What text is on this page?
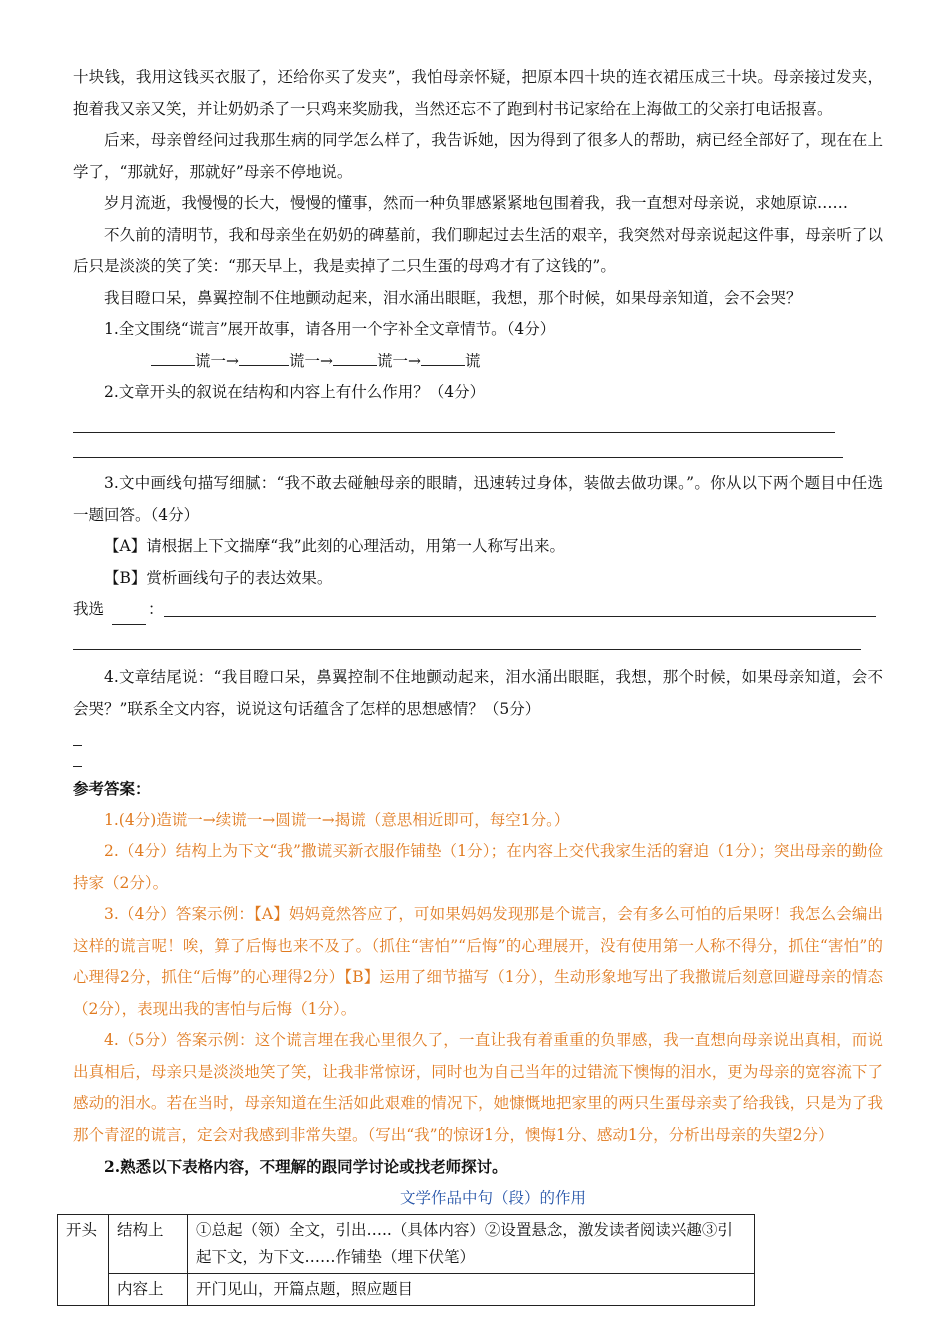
十块钱，我用这钱买衣服了，还给你买了发夹”，我怕母亲怀疑，把原本四十块的连衣裙压成三十块。母亲接过发夹，抱着我又亲又笑，并让奶奶杀了一只鸡来奖励我，当然还忘不了跑到村书记家给在上海做工的父亲打电话报喜。

后来，母亲曾经问过我那生病的同学怎么样了，我告诉她，因为得到了很多人的帮助，病已经全部好了，现在在上学了，“那就好，那就好”母亲不停地说。

岁月流逝，我慢慢的长大，慢慢的懂事，然而一种负罪感紧紧地包围着我，我一直想对母亲说，求她原谅……

不久前的清明节，我和母亲坐在奶奶的碑墓前，我们聊起过去生活的艰辛，我突然对母亲说起这件事，母亲听了以后只是淡淡的笑了笑：“那天早上，我是卖掉了二只生蛋的母鸡才有了这钱的”。

我目瞪口呆，鼻翼控制不住地颤动起来，泪水涌出眼眶，我想，那个时候，如果母亲知道，会不会哭？

1.全文围绕“谎言”展开故事，请各用一个字补全文章情节。（4分）

谎一→	谎一→	谎一→	谎

2.文章开头的叙说在结构和内容上有什么作用？（4分）

3.文中画线句描写细腻：“我不敢去碰触母亲的眼睛，迅速转过身体，装做去做功课。”。你从以下两个题目中任选一题回答。（4分）

【A】请根据上下文揣摩“我”此刻的心理活动，用第一人称写出来。

【B】赏析画线句子的表达效果。

我选	：

4.文章结尾说：“我目瞪口呆，鼻翼控制不住地颤动起来，泪水涌出眼眶，我想，那个时候，如果母亲知道，会不会哭？”联系全文内容，说说这句话蕴含了怎样的思想感情？（5分）

参考答案：

1.(4分)造谎一→续谎一→圆谎一→揭谎（意思相近即可，每空1分。）

2.（4分）结构上为下文“我”撒谎买新衣服作铺垫（1分）；在内容上交代我家生活的窘迫（1分）；突出母亲的勤俭持家（2分）。

3.（4分）答案示例：【A】妈妈竟然答应了，可如果妈妈发现那是个谎言，会有多么可怕的后果呀！我怎么会编出这样的谎言呢！唉，算了后悔也来不及了。（抓住“害怕”“后悔”的心理展开，没有使用第一人称不得分，抓住“害怕”的心理得2分，抓住“后悔”的心理得2分）【B】运用了细节描写（1分），生动形象地写出了我撒谎后刻意回避母亲的情态（2分），表现出我的害怕与后悔（1分）。

4.（5分）答案示例：这个谎言埋在我心里很久了，一直让我有着重重的负罪感，我一直想向母亲说出真相，而说出真相后，母亲只是淡淡地笑了笑，让我非常惊讶，同时也为自己当年的过错流下懊悔的泪水，更为母亲的宽容流下了感动的泪水。若在当时，母亲知道在生活如此艰难的情况下，她慷慨地把家里的两只生蛋母亲卖了给我钱，只是为了我那个青涩的谎言，定会对我感到非常失望。（写出“我”的惊讶1分，懊悔1分、感动1分，分析出母亲的失望2分）

2.熟悉以下表格内容，不理解的跟同学讨论或找老师探讨。

文学作品中句（段）的作用
开头	结构上	①总起（领）全文，引出…..（具体内容）②设置悬念，激发读者阅读兴趣③引起下文，为下文……作铺垫（埋下伏笔）
	内容上	开门见山，开篇点题，照应题目
